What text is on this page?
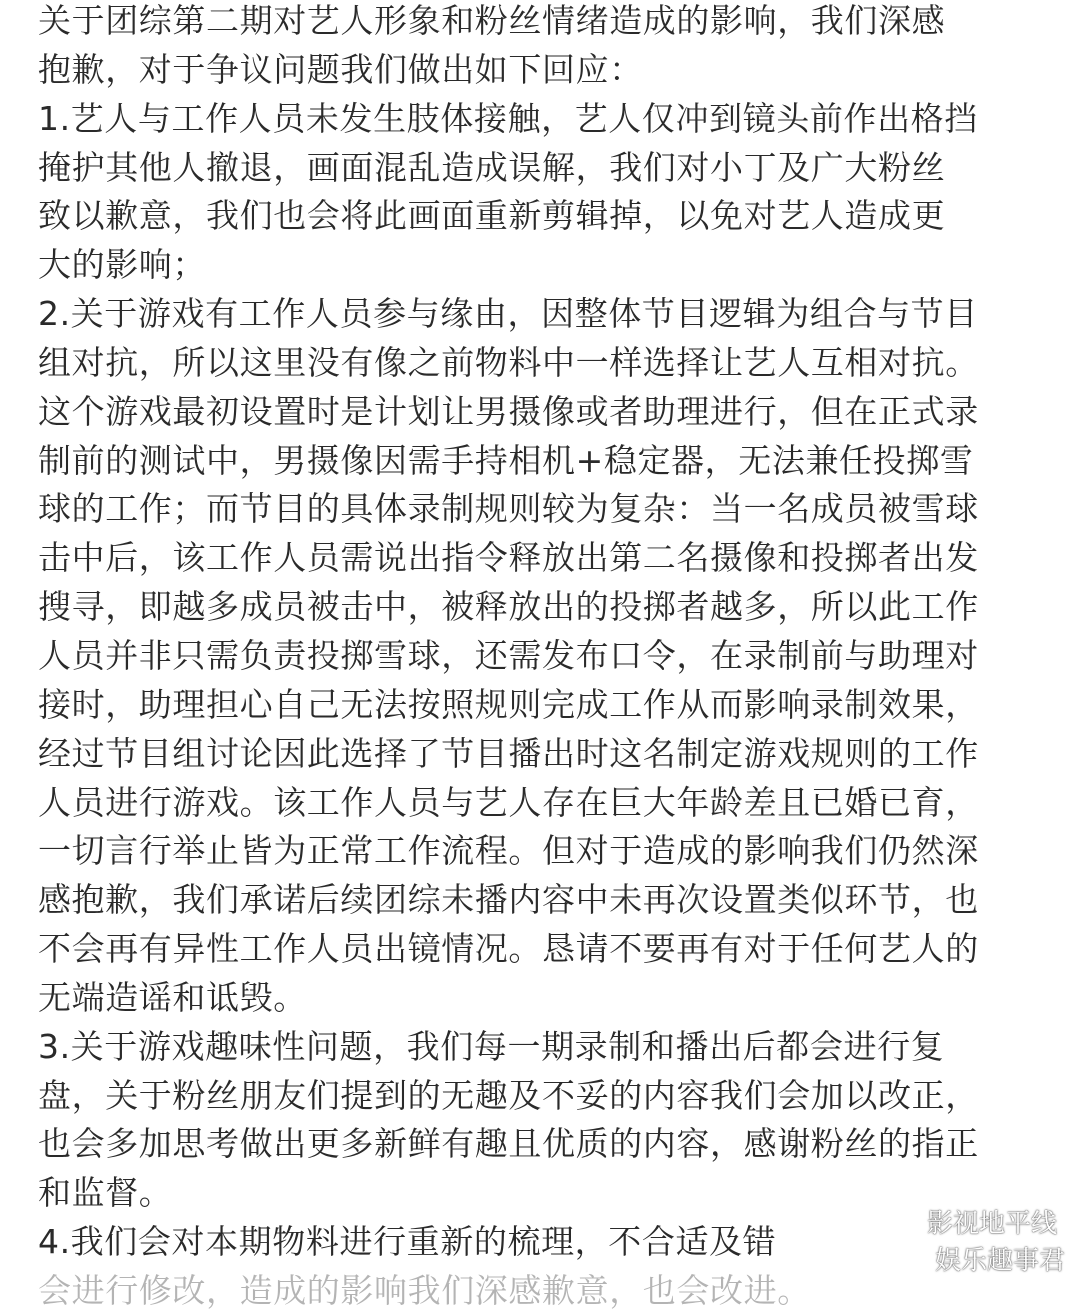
关于团综第二期对艺人形象和粉丝情绪造成的影响，我们深感
抱歉，对于争议问题我们做出如下回应：
1.艺人与工作人员未发生肢体接触，艺人仅冲到镜头前作出格挡
掩护其他人撤退，画面混乱造成误解，我们对小丁及广大粉丝
致以歉意，我们也会将此画面重新剪辑掉，以免对艺人造成更
大的影响；
2.关于游戏有工作人员参与缘由，因整体节目逻辑为组合与节目
组对抗，所以这里没有像之前物料中一样选择让艺人互相对抗。
这个游戏最初设置时是计划让男摄像或者助理进行，但在正式录
制前的测试中，男摄像因需手持相机+稳定器，无法兼任投掷雪
球的工作；而节目的具体录制规则较为复杂：当一名成员被雪球
击中后，该工作人员需说出指令释放出第二名摄像和投掷者出发
搜寻，即越多成员被击中，被释放出的投掷者越多，所以此工作
人员并非只需负责投掷雪球，还需发布口令，在录制前与助理对
接时，助理担心自己无法按照规则完成工作从而影响录制效果，
经过节目组讨论因此选择了节目播出时这名制定游戏规则的工作
人员进行游戏。该工作人员与艺人存在巨大年龄差且已婚已育，
一切言行举止皆为正常工作流程。但对于造成的影响我们仍然深
感抱歉，我们承诺后续团综未播内容中未再次设置类似环节，也
不会再有异性工作人员出镜情况。恳请不要再有对于任何艺人的
无端造谣和诋毁。
3.关于游戏趣味性问题，我们每一期录制和播出后都会进行复
盘，关于粉丝朋友们提到的无趣及不妥的内容我们会加以改正，
也会多加思考做出更多新鲜有趣且优质的内容，感谢粉丝的指正
和监督。
4.我们会对本期物料进行重新的梳理，不合适及错
会进行修改，造成的影响我们深感歉意，也会改进。
影视地平线
娱乐趣事君
